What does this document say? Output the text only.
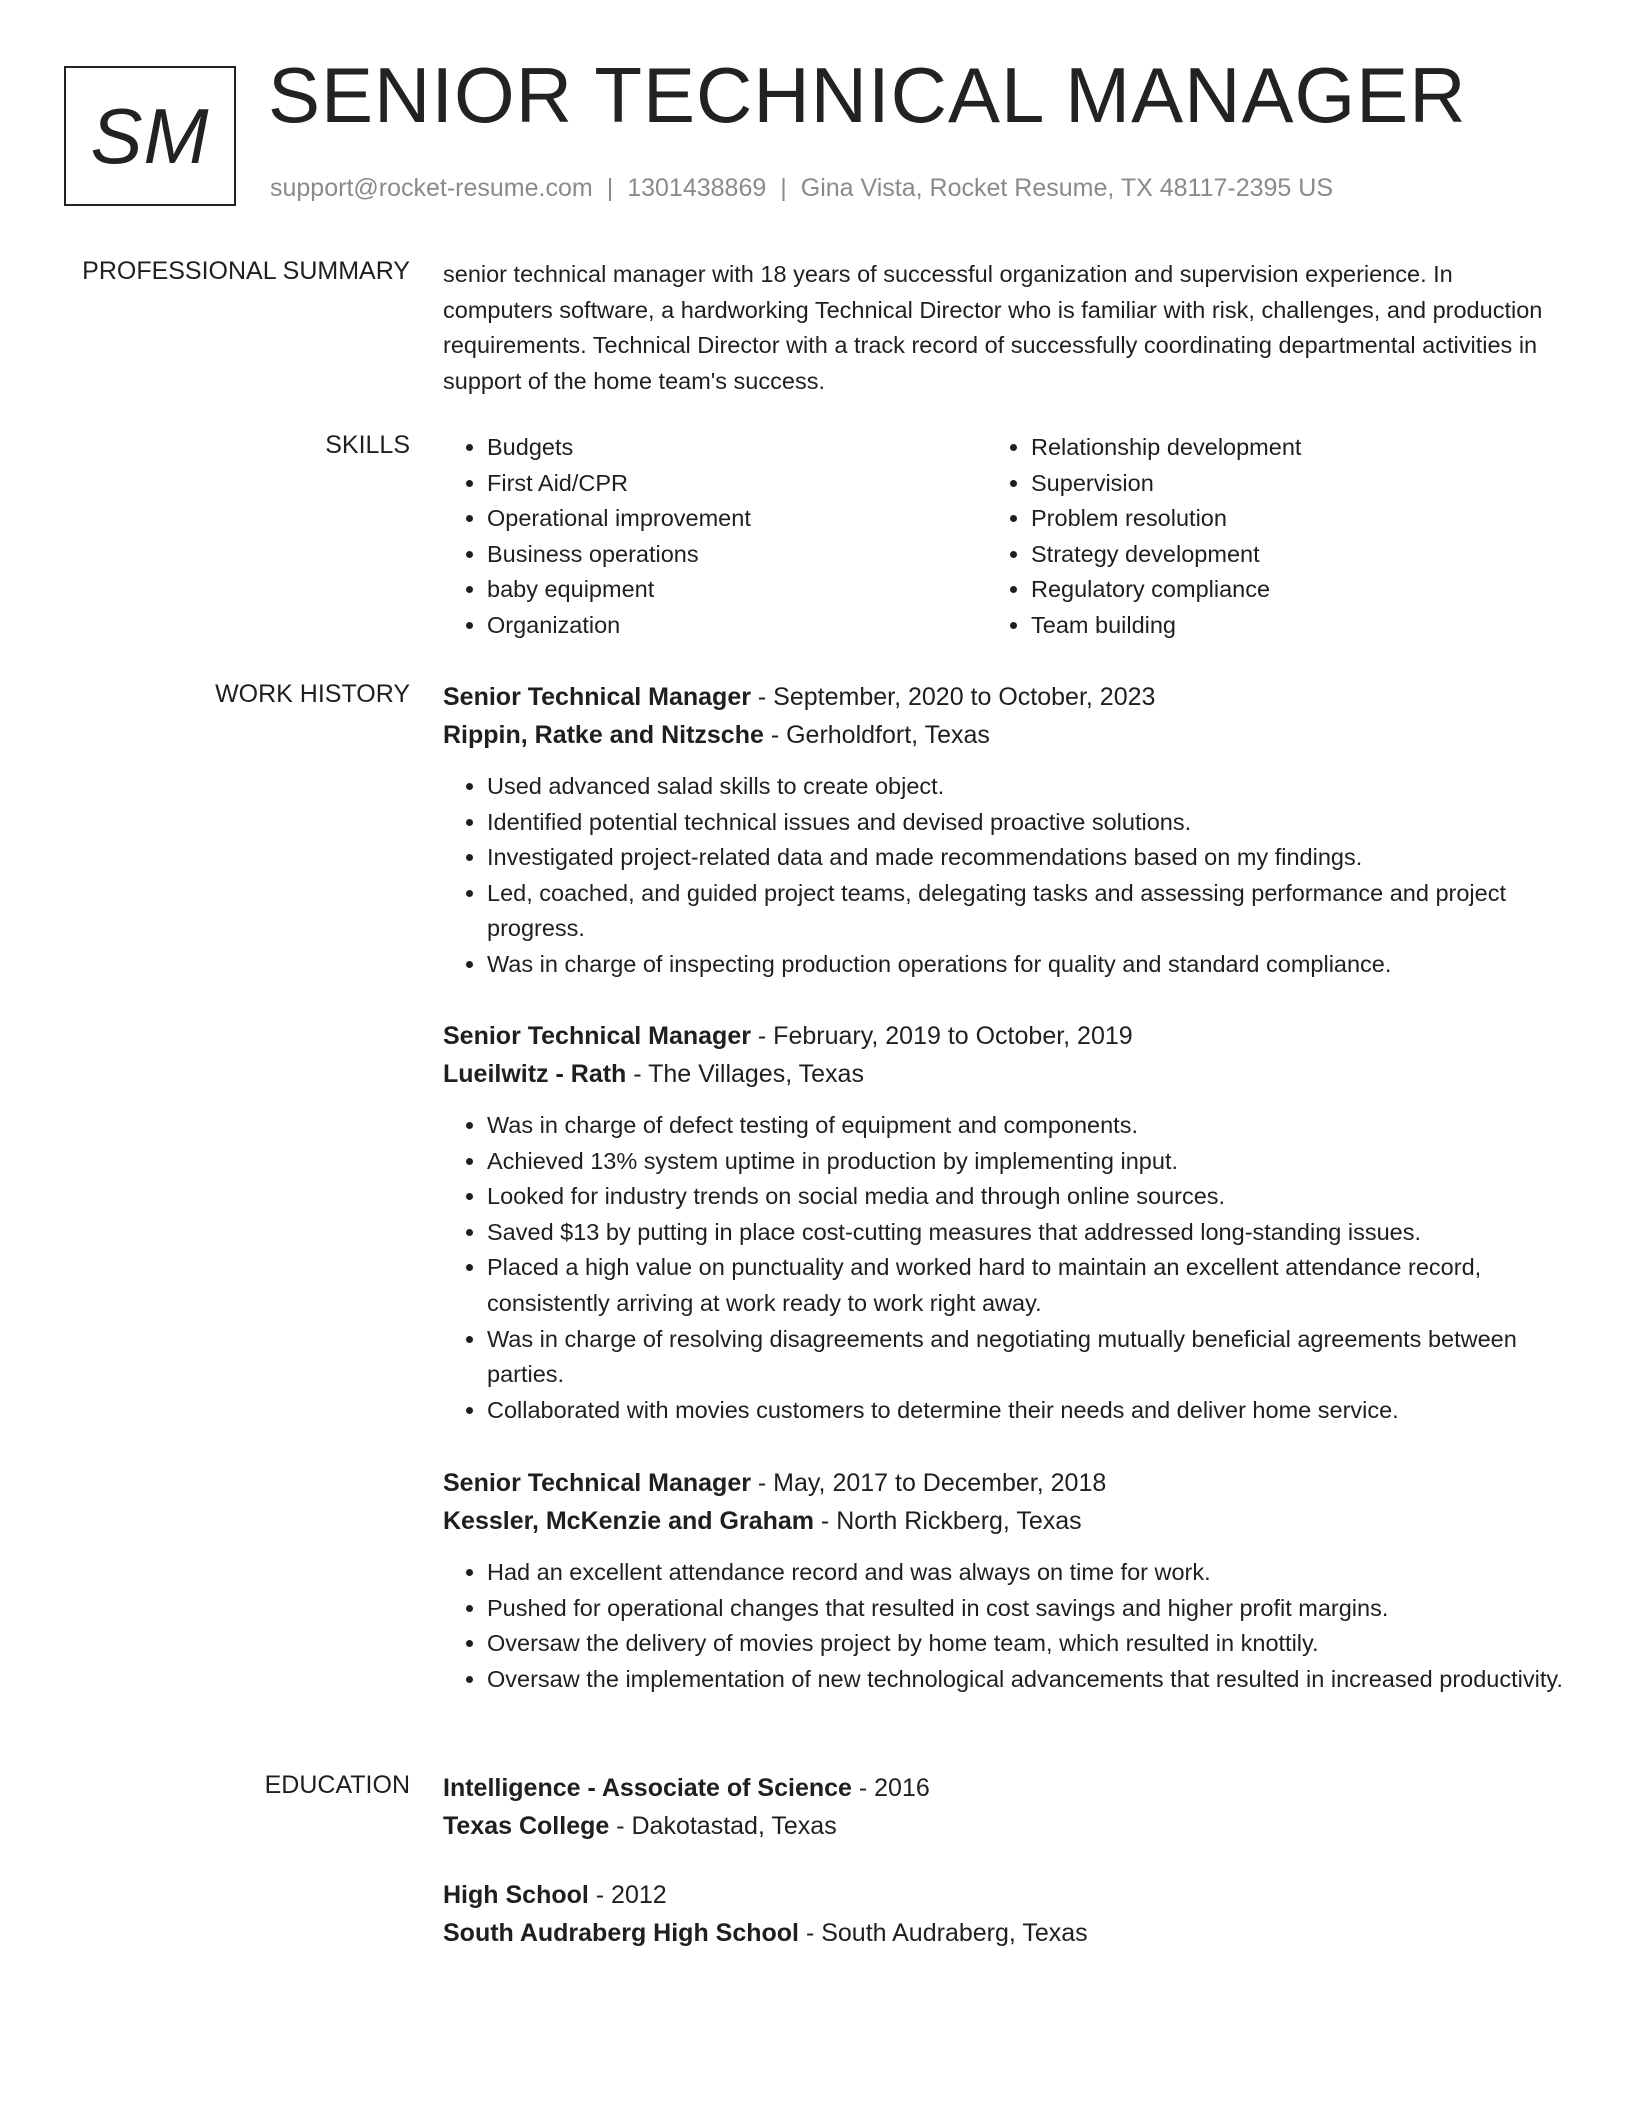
SM SENIOR TECHNICAL MANAGER
support@rocket-resume.com | 1301438869 | Gina Vista, Rocket Resume, TX 48117-2395 US
PROFESSIONAL SUMMARY senior technical manager with 18 years of successful organization and supervision experience. In computers software, a hardworking Technical Director who is familiar with risk, challenges, and production requirements. Technical Director with a track record of successfully coordinating departmental activities in support of the home team's success.
SKILLS
•	Budgets
• First Aid/CPR
• Operational improvement
• Business operations
• baby equipment
• Organization
• Relationship development
• Supervision
• Problem resolution
• Strategy development
• Regulatory compliance
• Team building
WORK HISTORY Senior Technical Manager - September, 2020 to October, 2023
Rippin, Ratke and Nitzsche - Gerholdfort, Texas
• Used advanced salad skills to create object.
• Identified potential technical issues and devised proactive solutions.
• Investigated project-related data and made recommendations based on my findings.
• Led, coached, and guided project teams, delegating tasks and assessing performance and project progress.
• Was in charge of inspecting production operations for quality and standard compliance.
Senior Technical Manager - February, 2019 to October, 2019
Lueilwitz - Rath - The Villages, Texas
• Was in charge of defect testing of equipment and components.
• Achieved 13% system uptime in production by implementing input.
• Looked for industry trends on social media and through online sources.
• Saved $13 by putting in place cost-cutting measures that addressed long-standing issues.
• Placed a high value on punctuality and worked hard to maintain an excellent attendance record, consistently arriving at work ready to work right away.
• Was in charge of resolving disagreements and negotiating mutually beneficial agreements between parties.
• Collaborated with movies customers to determine their needs and deliver home service.
Senior Technical Manager - May, 2017 to December, 2018
Kessler, McKenzie and Graham - North Rickberg, Texas
• Had an excellent attendance record and was always on time for work.
• Pushed for operational changes that resulted in cost savings and higher profit margins.
• Oversaw the delivery of movies project by home team, which resulted in knottily.
• Oversaw the implementation of new technological advancements that resulted in increased productivity.
EDUCATION Intelligence - Associate of Science - 2016
Texas College - Dakotastad, Texas
High School - 2012
South Audraberg High School - South Audraberg, Texas
